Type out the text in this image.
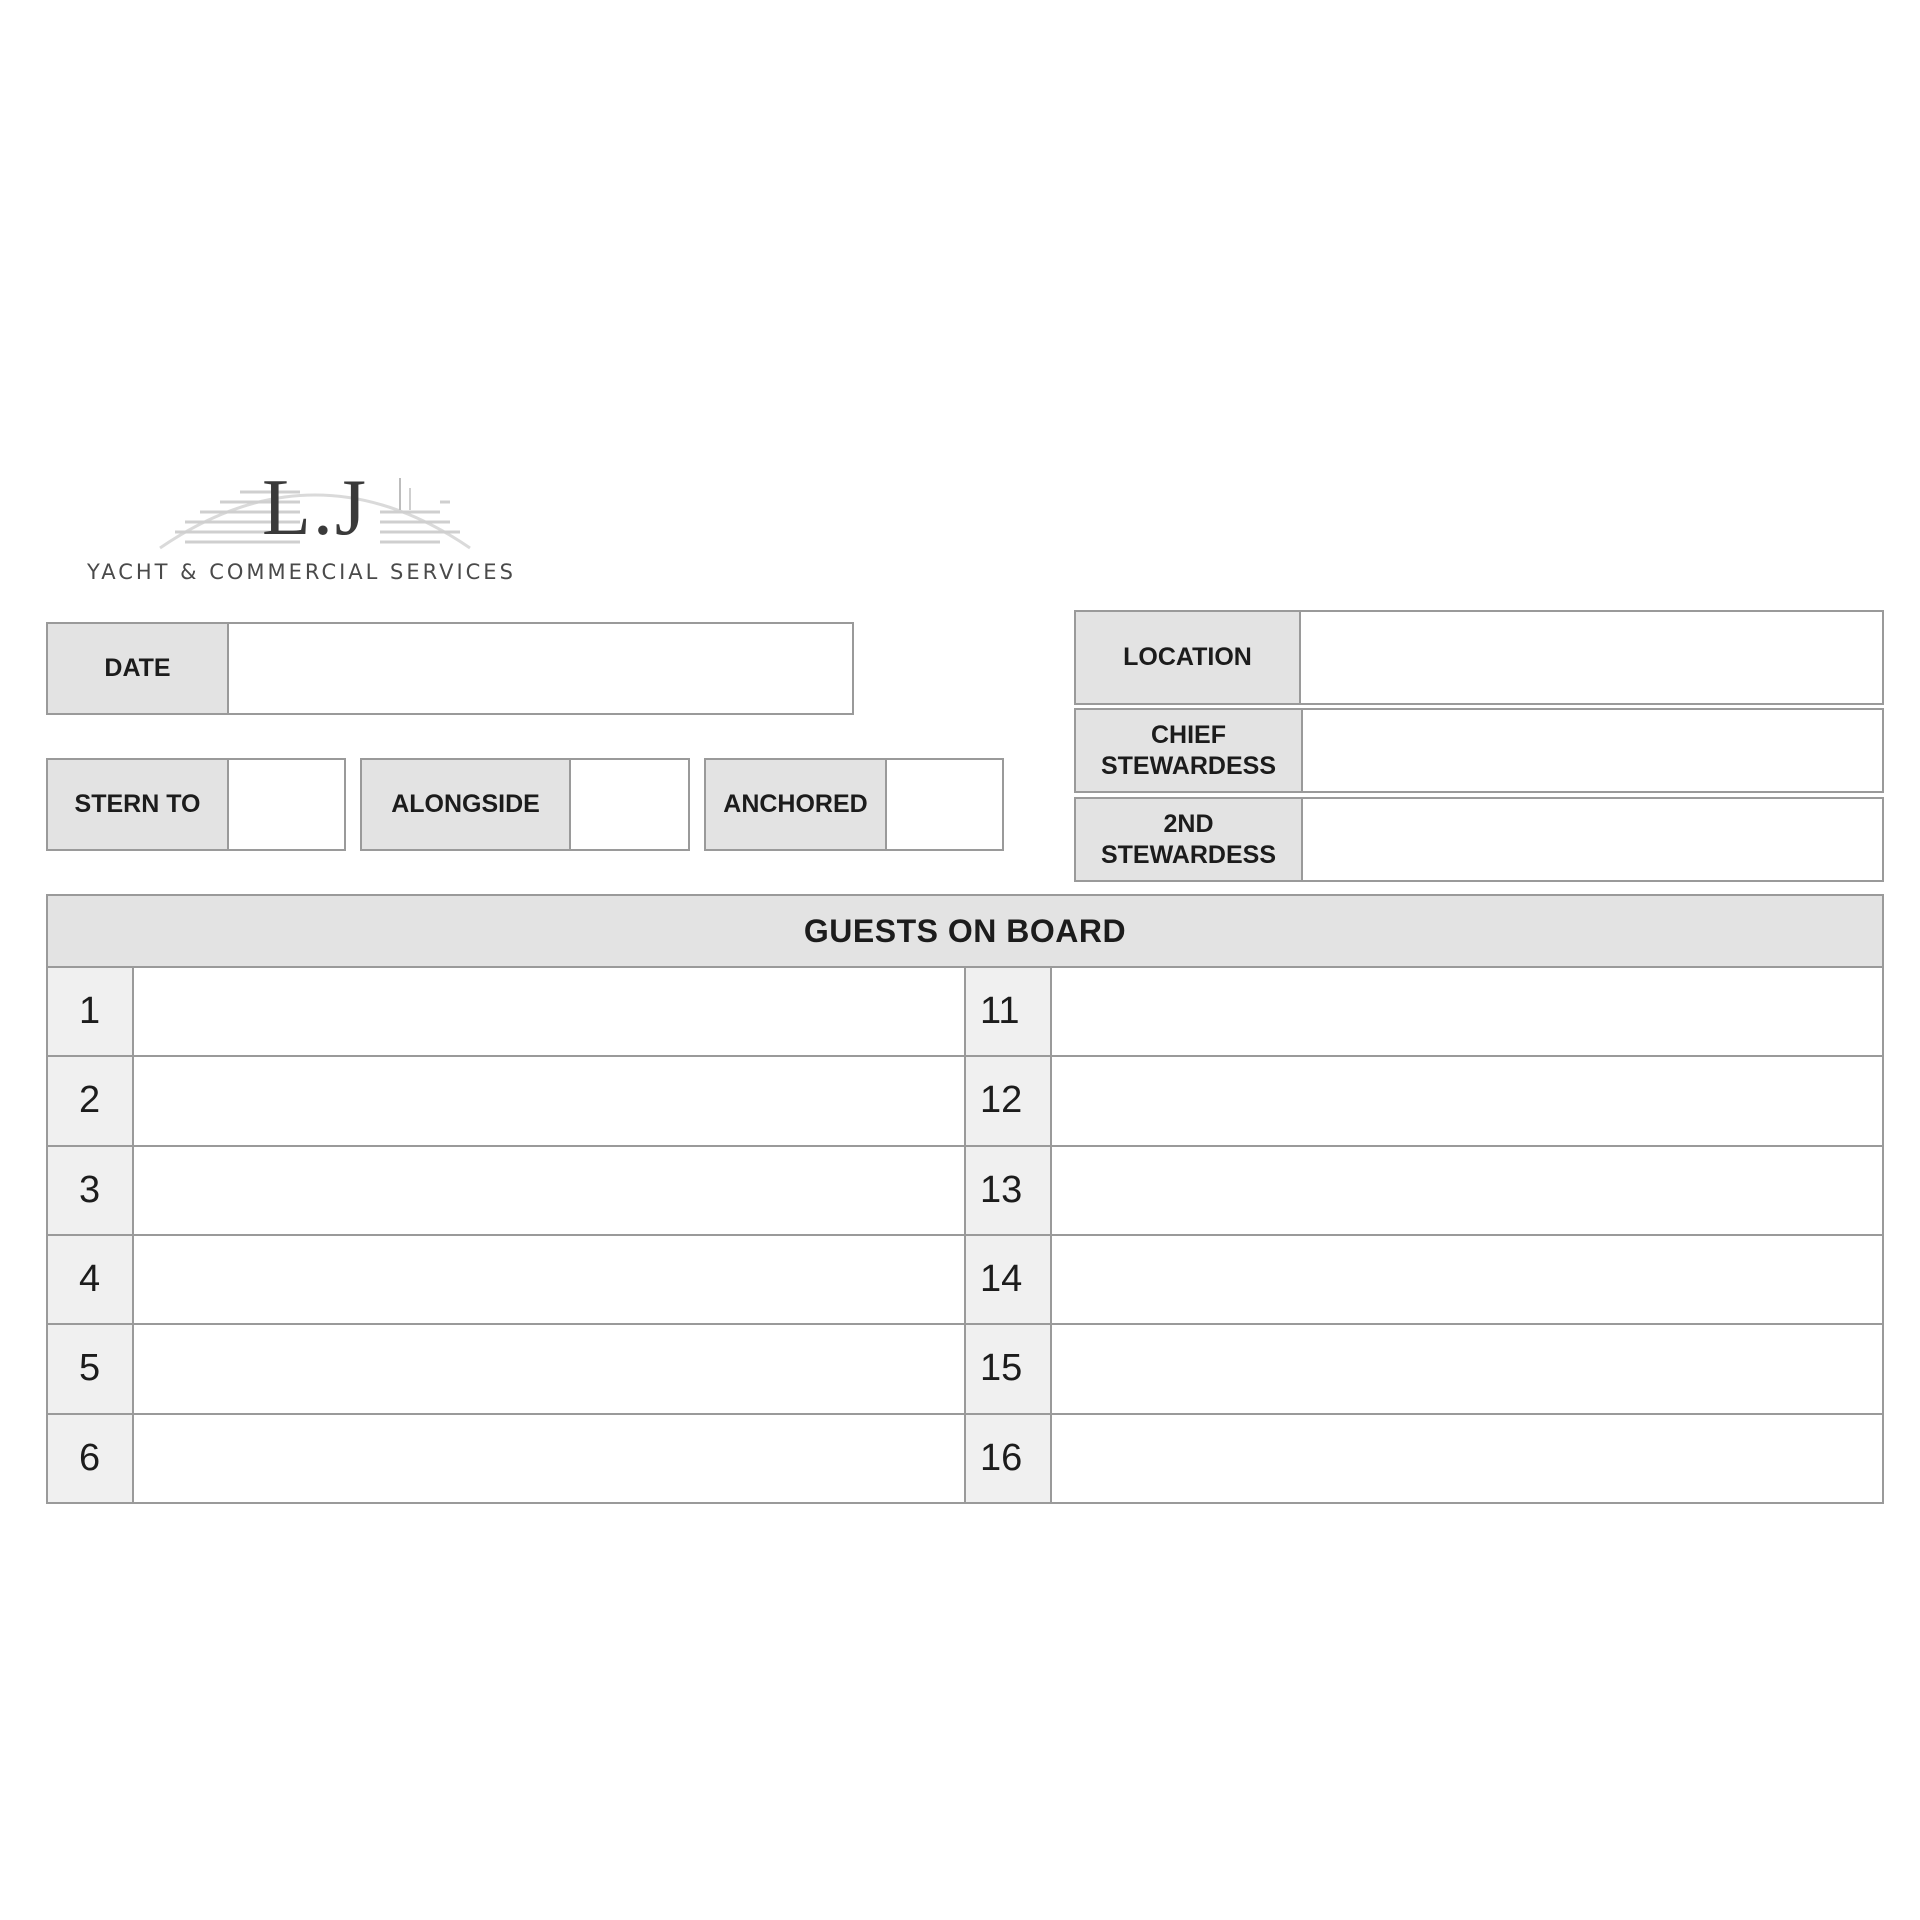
L.J
YACHT & COMMERCIAL SERVICES
DATE
STERN TO	ALONGSIDE	ANCHORED
LOCATION
CHIEF
STEWARDESS
2ND
STEWARDESS
GUESTS ON BOARD
1
2
3
4
5
6
11
12
13
14
15
16
